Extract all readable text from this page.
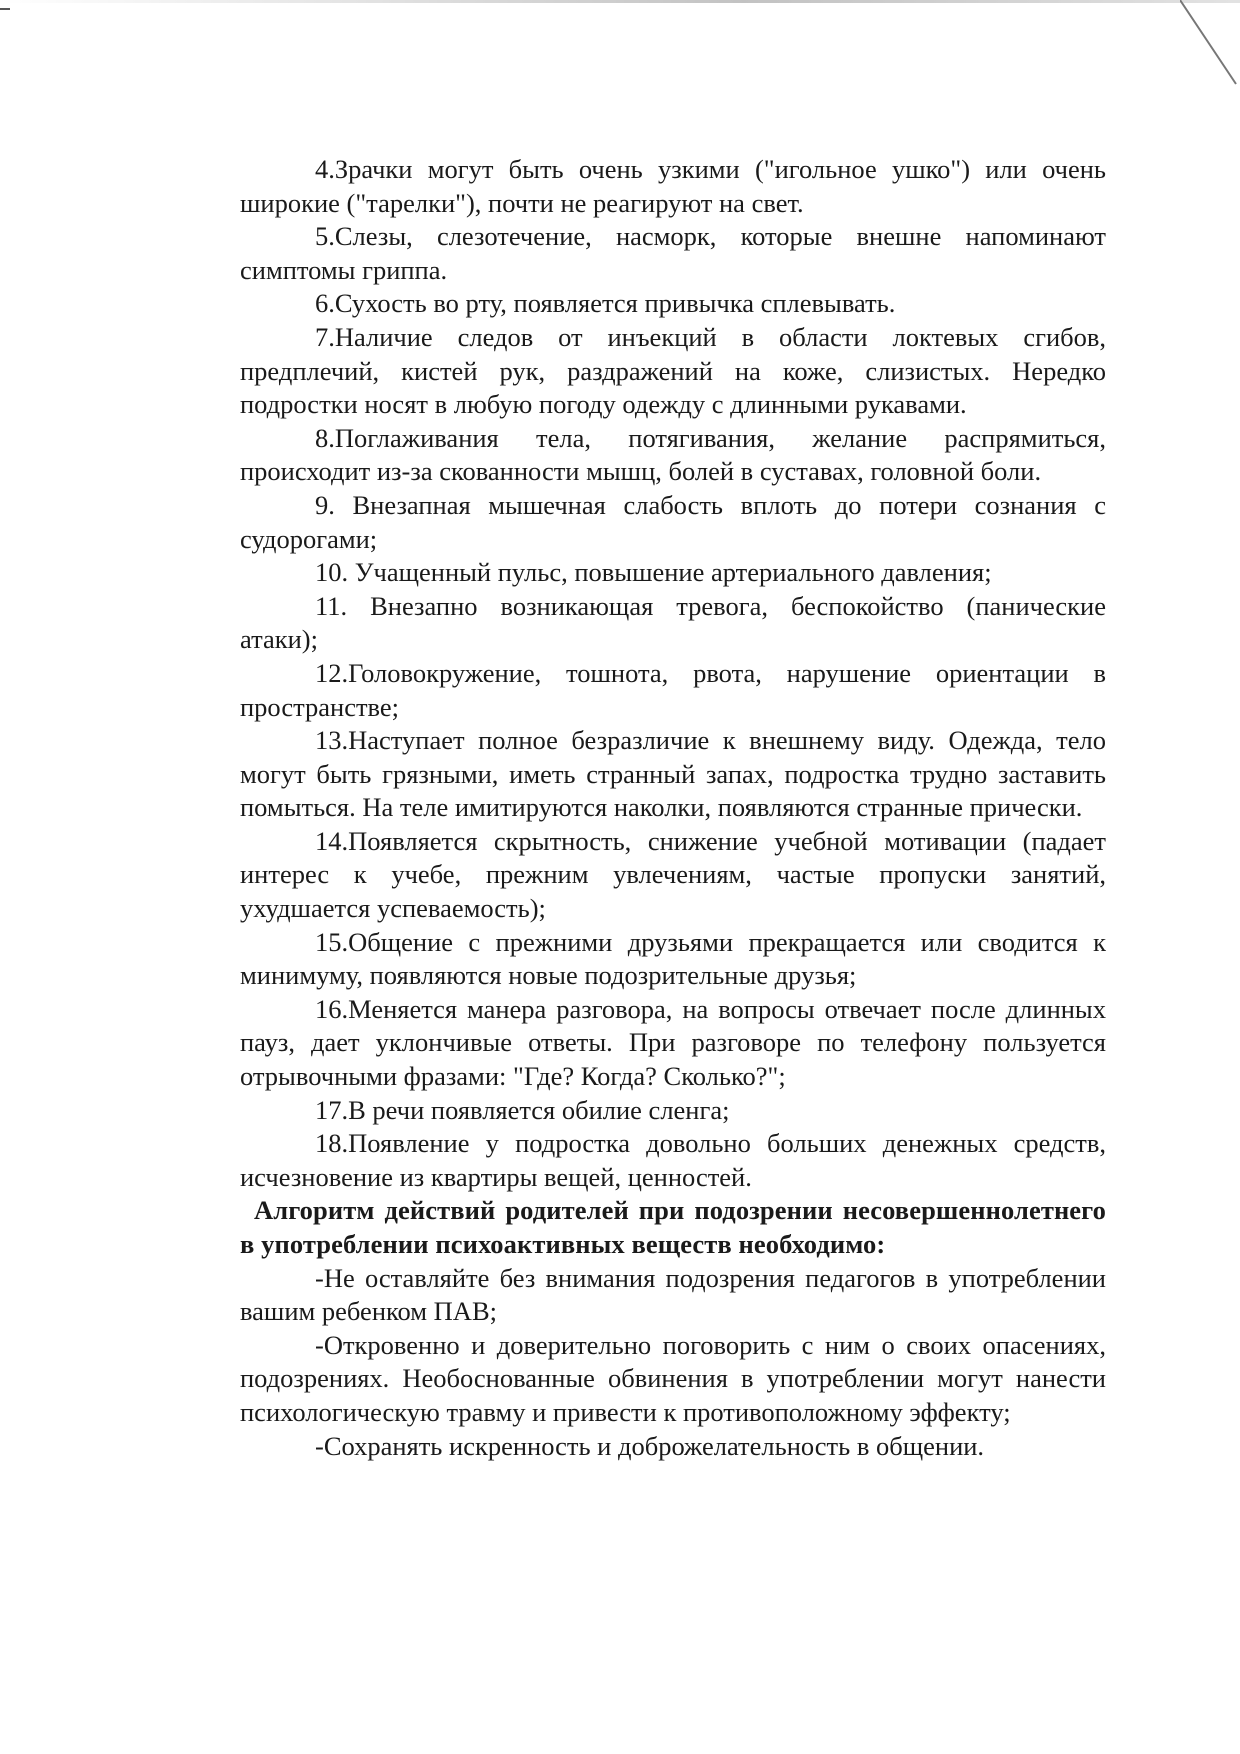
4.Зрачки могут быть очень узкими ("игольное ушко") или очень широкие ("тарелки"), почти не реагируют на свет.

5.Слезы, слезотечение, насморк, которые внешне напоминают симптомы гриппа.

6.Сухость во рту, появляется привычка сплевывать.

7.Наличие следов от инъекций в области локтевых сгибов, предплечий, кистей рук, раздражений на коже, слизистых. Нередко подростки носят в любую погоду одежду с длинными рукавами.

8.Поглаживания тела, потягивания, желание распрямиться, происходит из-за скованности мышц, болей в суставах, головной боли.

9. Внезапная мышечная слабость вплоть до потери сознания с судорогами;

10. Учащенный пульс, повышение артериального давления;

11. Внезапно возникающая тревога, беспокойство (панические атаки);

12.Головокружение, тошнота, рвота, нарушение ориентации в пространстве;

13.Наступает полное безразличие к внешнему виду. Одежда, тело могут быть грязными, иметь странный запах, подростка трудно заставить помыться. На теле имитируются наколки, появляются странные прически.

14.Появляется скрытность, снижение учебной мотивации (падает интерес к учебе, прежним увлечениям, частые пропуски занятий, ухудшается успеваемость);

15.Общение с прежними друзьями прекращается или сводится к минимуму, появляются новые подозрительные друзья;

16.Меняется манера разговора, на вопросы отвечает после длинных пауз, дает уклончивые ответы. При разговоре по телефону пользуется отрывочными фразами: "Где? Когда? Сколько?";

17.В речи появляется обилие сленга;

18.Появление у подростка довольно больших денежных средств, исчезновение из квартиры вещей, ценностей.

Алгоритм действий родителей при подозрении несовершеннолетнего в употреблении психоактивных веществ необходимо:

-Не оставляйте без внимания подозрения педагогов в употреблении вашим ребенком ПАВ;

-Откровенно и доверительно поговорить с ним о своих опасениях, подозрениях. Необоснованные обвинения в употреблении могут нанести психологическую травму и привести к противоположному эффекту;

-Сохранять искренность и доброжелательность в общении.
